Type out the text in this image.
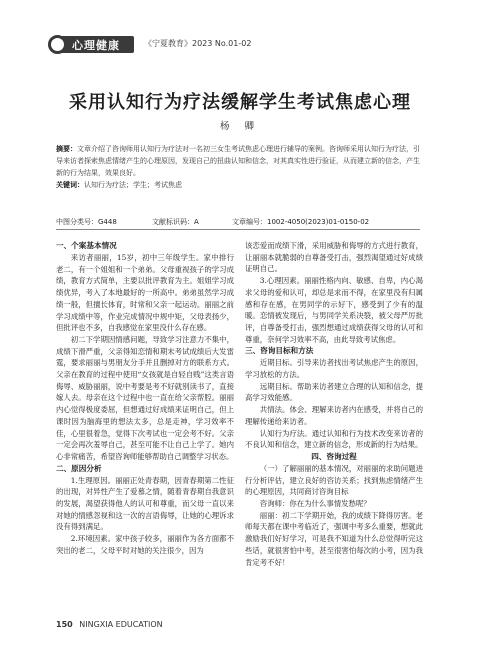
心理健康	《宁夏教育》2023 No.01-02
采用认知行为疗法缓解学生考试焦虑心理
杨 卿
摘要：文章介绍了咨询师用认知行为疗法对一名初三女生考试焦虑心理进行辅导的案例。咨询师采用认知行为疗法，引导来访者探索焦虑情绪产生的心理原因，发现自己的扭曲认知和信念，对其真实性进行验证，从而建立新的信念，产生新的行为结果，效果良好。
关键词：认知行为疗法；学生；考试焦虑
中图分类号：G448	文献标识码：A	文章编号：1002-4050(2023)01-0150-02
一、个案基本情况

来访者丽丽，15岁，初中三年级学生。家中排行老二，有一个姐姐和一个弟弟。父母重视孩子的学习成绩，教育方式简单，主要以批评教育为主。姐姐学习成绩优异，考入了本地最好的一所高中。弟弟虽然学习成绩一般，但擅长体育，时常和父亲一起运动。丽丽之前学习成绩中等，作业完成情况中规中矩，父母表扬少，但批评也不多，自我感觉在家里没什么存在感。

初二下学期因情感问题，导致学习注意力不集中，成绩下滑严重，父亲得知恋情和期末考试成绩后大发雷霆，要求丽丽与男朋友分手并且删掉对方的联系方式。父亲在教育的过程中使用“女孩就是自轻自贱”这类言语侮辱、威胁丽丽，说中考要是考不好就别读书了，直接嫁人去。母亲在这个过程中也一直在给父亲帮腔。丽丽内心觉得极度委屈，但想通过好成绩来证明自己，但上课时因为脑海里的想法太多，总是走神，学习效率不佳，心里很着急，觉得下次考试也一定会考不好。父亲一定会再次羞辱自己，甚至可能不让自己上学了。她内心非常痛苦，希望咨询师能够帮助自己调整学习状态。

二、原因分析

1.生理原因。丽丽正处青春期，因青春期第二性征的出现，对异性产生了爱慕之情，随着青春期自我意识的发展，渴望获得他人的认可和尊重，而父母一直以来对她的情感忽视和这一次的言语侮辱，让她的心理诉求没有得到满足。

2.环境因素。家中孩子较多，丽丽作为各方面都不突出的老二，父母平时对她的关注很少，因为

该恋爱而成绩下滑，采用威胁和侮辱的方式进行教育，让丽丽本就脆弱的自尊备受打击，强烈渴望通过好成绩证明自己。

3.心理因素。丽丽性格内向、敏感、自卑，内心渴求父母的爱和认可，却总是求而不得，在家里没有归属感和存在感，在男同学的示好下，感受到了少有的温暖。恋情被发现后，与男同学关系决裂，被父母严厉批评，自尊备受打击，强烈想通过成绩获得父母的认可和尊重，奈何学习效率不高，由此导致考试焦虑。

三、咨询目标和方法

近期目标。引导来访者找出考试焦虑产生的原因，学习放松的方法。

远期目标。帮助来访者建立合理的认知和信念，提高学习效能感。

共情法。体会、理解来访者内在感受，并将自己的理解传递给来访者。

认知行为疗法。通过认知和行为技术改变来访者的不良认知和信念，建立新的信念，形成新的行为结果。

四、咨询过程

（一）了解丽丽的基本情况，对丽丽的求助问题进行分析评估，建立良好的咨访关系；找到焦虑情绪产生的心理原因，共同商讨咨询目标

咨询师：你在为什么事情发愁呢？

丽丽：初二下学期开始，我的成绩下降得厉害。老师每天都在课中考临近了，强调中考多么重要，想就此激励我们好好学习，可是我不知道为什么总觉得听完这些话，就很害怕中考，甚至很害怕每次的小考，因为我肯定考不好！

150 NINGXIA EDUCATION
